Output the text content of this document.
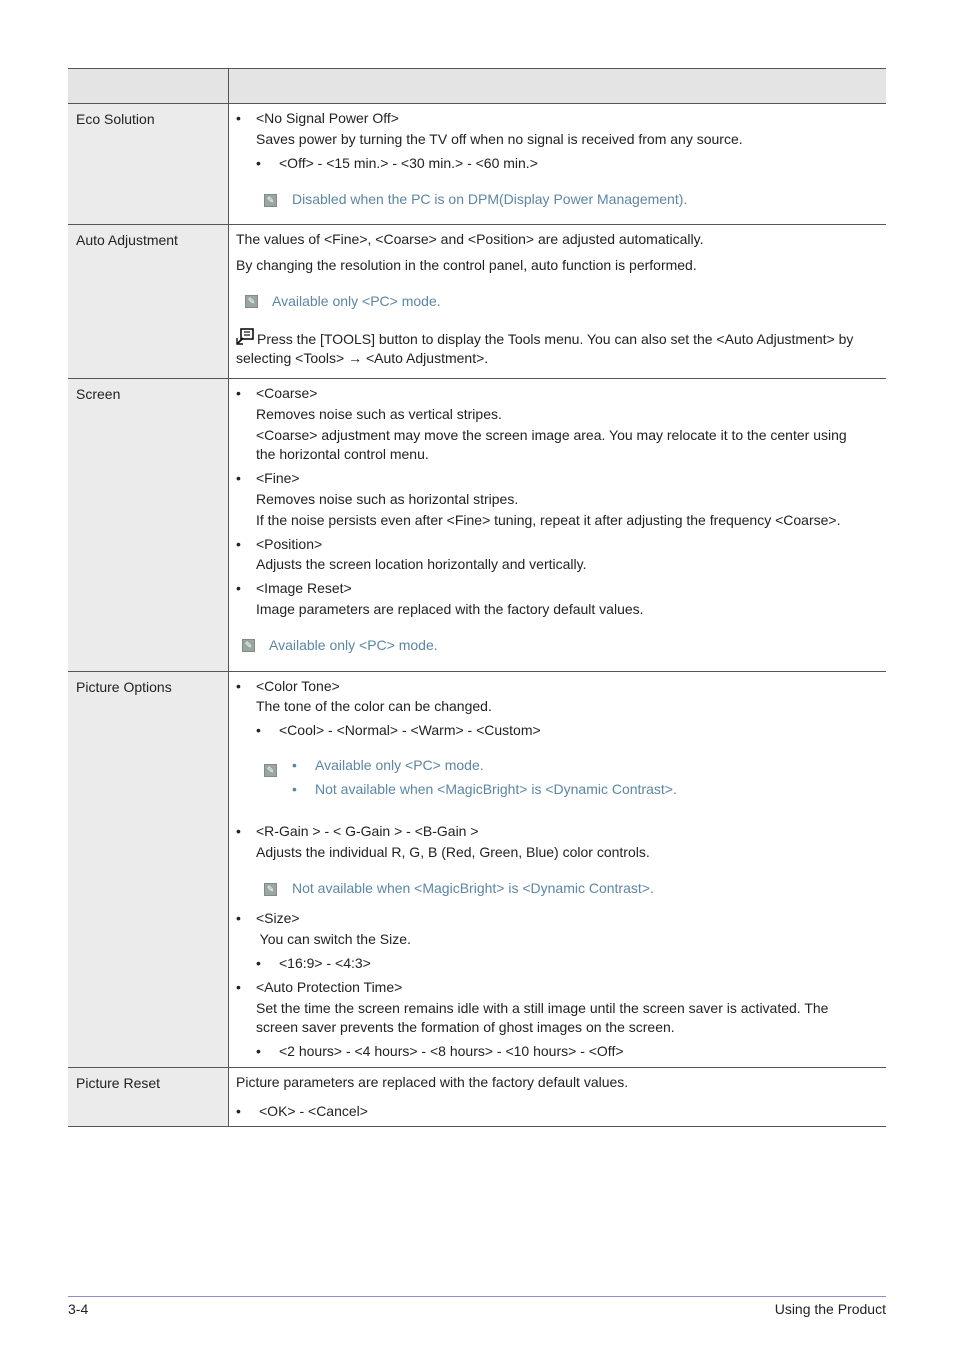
Eco Solution	• <No Signal Power Off>
Saves power by turning the TV off when no signal is received from any source.
• <Off> - <15 min.> - <30 min.> - <60 min.>
✎ Disabled when the PC is on DPM(Display Power Management).
Auto Adjustment	The values of <Fine>, <Coarse> and <Position> are adjusted automatically.
By changing the resolution in the control panel, auto function is performed.
✎ Available only <PC> mode.
Press the [TOOLS] button to display the Tools menu. You can also set the <Auto Adjustment> by
selecting <Tools> → <Auto Adjustment>.
Screen	• <Coarse>
Removes noise such as vertical stripes.
<Coarse> adjustment may move the screen image area. You may relocate it to the center using
the horizontal control menu.
• <Fine>
Removes noise such as horizontal stripes.
If the noise persists even after <Fine> tuning, repeat it after adjusting the frequency <Coarse>.
• <Position>
Adjusts the screen location horizontally and vertically.
• <Image Reset>
Image parameters are replaced with the factory default values.
✎ Available only <PC> mode.
Picture Options	• <Color Tone>
The tone of the color can be changed.
• <Cool> - <Normal> - <Warm> - <Custom>
✎ • Available only <PC> mode.
• Not available when <MagicBright> is <Dynamic Contrast>.
• <R-Gain > - < G-Gain > - <B-Gain >
Adjusts the individual R, G, B (Red, Green, Blue) color controls.
✎ Not available when <MagicBright> is <Dynamic Contrast>.
• <Size>
You can switch the Size.
• <16:9> - <4:3>
• <Auto Protection Time>
Set the time the screen remains idle with a still image until the screen saver is activated. The
screen saver prevents the formation of ghost images on the screen.
• <2 hours> - <4 hours> - <8 hours> - <10 hours> - <Off>
Picture Reset	Picture parameters are replaced with the factory default values.
• <OK> - <Cancel>
3-4	Using the Product
